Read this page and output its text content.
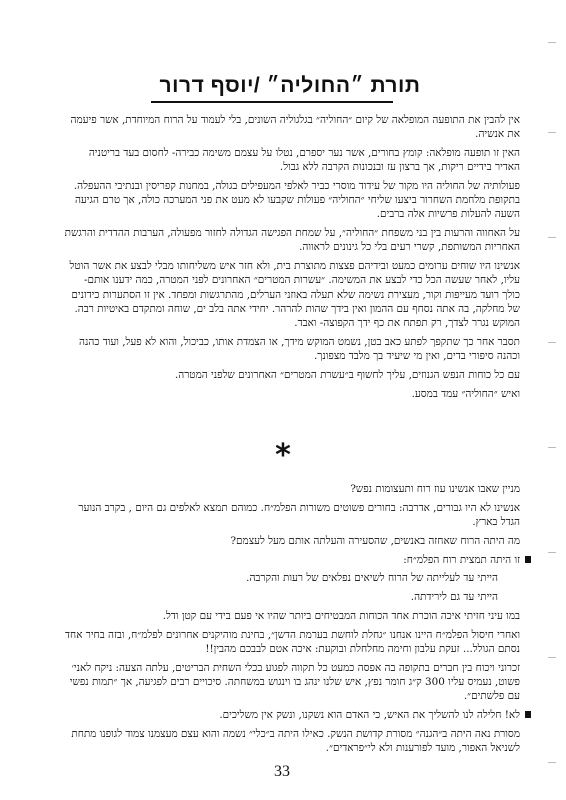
תורת ״החוליה״ /יוסף דרור

אין להבין את התופעה המופלאה של קיום ״החוליה״ בגלגוליה השונים, בלי לעמוד על הרוח המיוחדת, אשר פיעמה את אנשיה.

האין זו תופעה מופלאה: קומץ בחורים, אשר נער יספרם, נטלו על עצמם משימה כבירה- לחסום בעד בריטניה האדיר בידיים ריקות, אך ברצון עז ובנכונות הקרבה ללא גבול.

פעולותיה של החוליה היו מקור של עידוד מוסרי כביר לאלפי המעפילים בגולה, במחנות קפריסין ובנתיבי ההעפלה. בתקופת מלחמת השחרור ביצעו שליחי ״החוליה״ פעולות שקבעו לא מעט את פני המערכה כולה, אך טרם הגיעה השעה להעלות פרשיות אלה ברבים.

על האחווה והרעות בין בני משפחת ״החוליה״, על שמחת הפגישה הגדולה לחזור מפעולה, הערבות ההדדית והרגשת האחריות המשותפת, קשרי רעים בלי כל גינונים לראווה.

אנשינו היו שוחים ערומים כמעט ובידיהם פצצות מתוצרת בית, ולא חזר איש משליחותו מבלי לבצע את אשר הוטל עליו, לאחר שעשה הכל כדי לבצע את המשימה. ״עשרות המטרים״ האחרונים לפני המטרה, כמה ידענו אותם- כולך רועד מעייפות וקור, מעצירת נשימה שלא תעלה באוזני הערלים, מהתרגשות ומפחד. אין זו הסתערות כידונים של מחלקה, בה אתה נסחף עם ההמון ואין בידך שהות להרהר. יחידי אתה בלב ים, שוחה ומתקדם באיטיות רבה. המוקש נגרר לצדך, רק תפתח את כף ידך הקפוצה- ואבד.

תסבר אחר כך שתקפך לפתע כאב בטן, נשמט המוקש מידך, או הצמדת אותו, כביכול, והוא לא פעל, ועוד כהנה וכהנה סיפורי בדים, ואין מי שיעיד בך מלבד מצפונך.

עם כל כוחות הנפש הגנוזים, עליך לחשוף ב״עשרת המטרים״ האחרונים שלפני המטרה.

ואיש ״החוליה״ עמד במסע.

*

מניין שאבו אנשינו עוז רוח ותעצומות נפש?

אנשינו לא היו גבורים, אדרבה: בחורים פשוטים משורות הפלמ״ח. כמוהם תמצא לאלפים גם היום , בקרב הנוער הגדל בארץ.

מה היתה הרוח שאחזה באנשים, שהסעירה והעלתה אותם מעל לעצמם?

זו היתה תמצית רוח הפלמ״ח:

הייתי עד לעלייתה של הרוח לשיאים נפלאים של רעות והקרבה.

הייתי עד גם לירידתה.

במו עיני חזיתי איכה הוכרת אחד הכוחות המבטיחים ביותר שהיו אי פעם בידי עם קטן ודל.

ואחרי חיסול הפלמ״ח היינו אנחנו ״גחלת לוחשת בערמת הדשן״, בחינת מוהיקנים אחרונים לפלמ״ח, ובזה בחיר אחד נסתם הגולל... זעקת עלבון וחימה מחלחלת ובוקעת: איכה אטם לבבכם מהבין!!

זכרוני ויכוח בין חברים בתקופה בה אפסה כמעט כל תקווה לפגוע בכלי השחית הבריטים, עלתה הצעה: ניקח לאני׳ פשוט, נעמיס עליו 300 ק״ג חומר נפץ, איש שלנו ינהג בו וינגוש במשחתה. סיכויים רבים לפגיעה, אך ״תמות נפשי עם פלשתים״.

לא! חלילה לנו להשליך את האיש, כי האדם הוא נשקנו, ונשק אין משליכים.

מסורת נאה היתה ב״הגנה״ מסורת קדושת הנשק. כאילו היתה ב״כלי״ נשמה והוא עצם מעצמנו צמוד לגופנו מתחת לשניאל האפור, מועד לפורענות ולא לי״פראדים״.

33
